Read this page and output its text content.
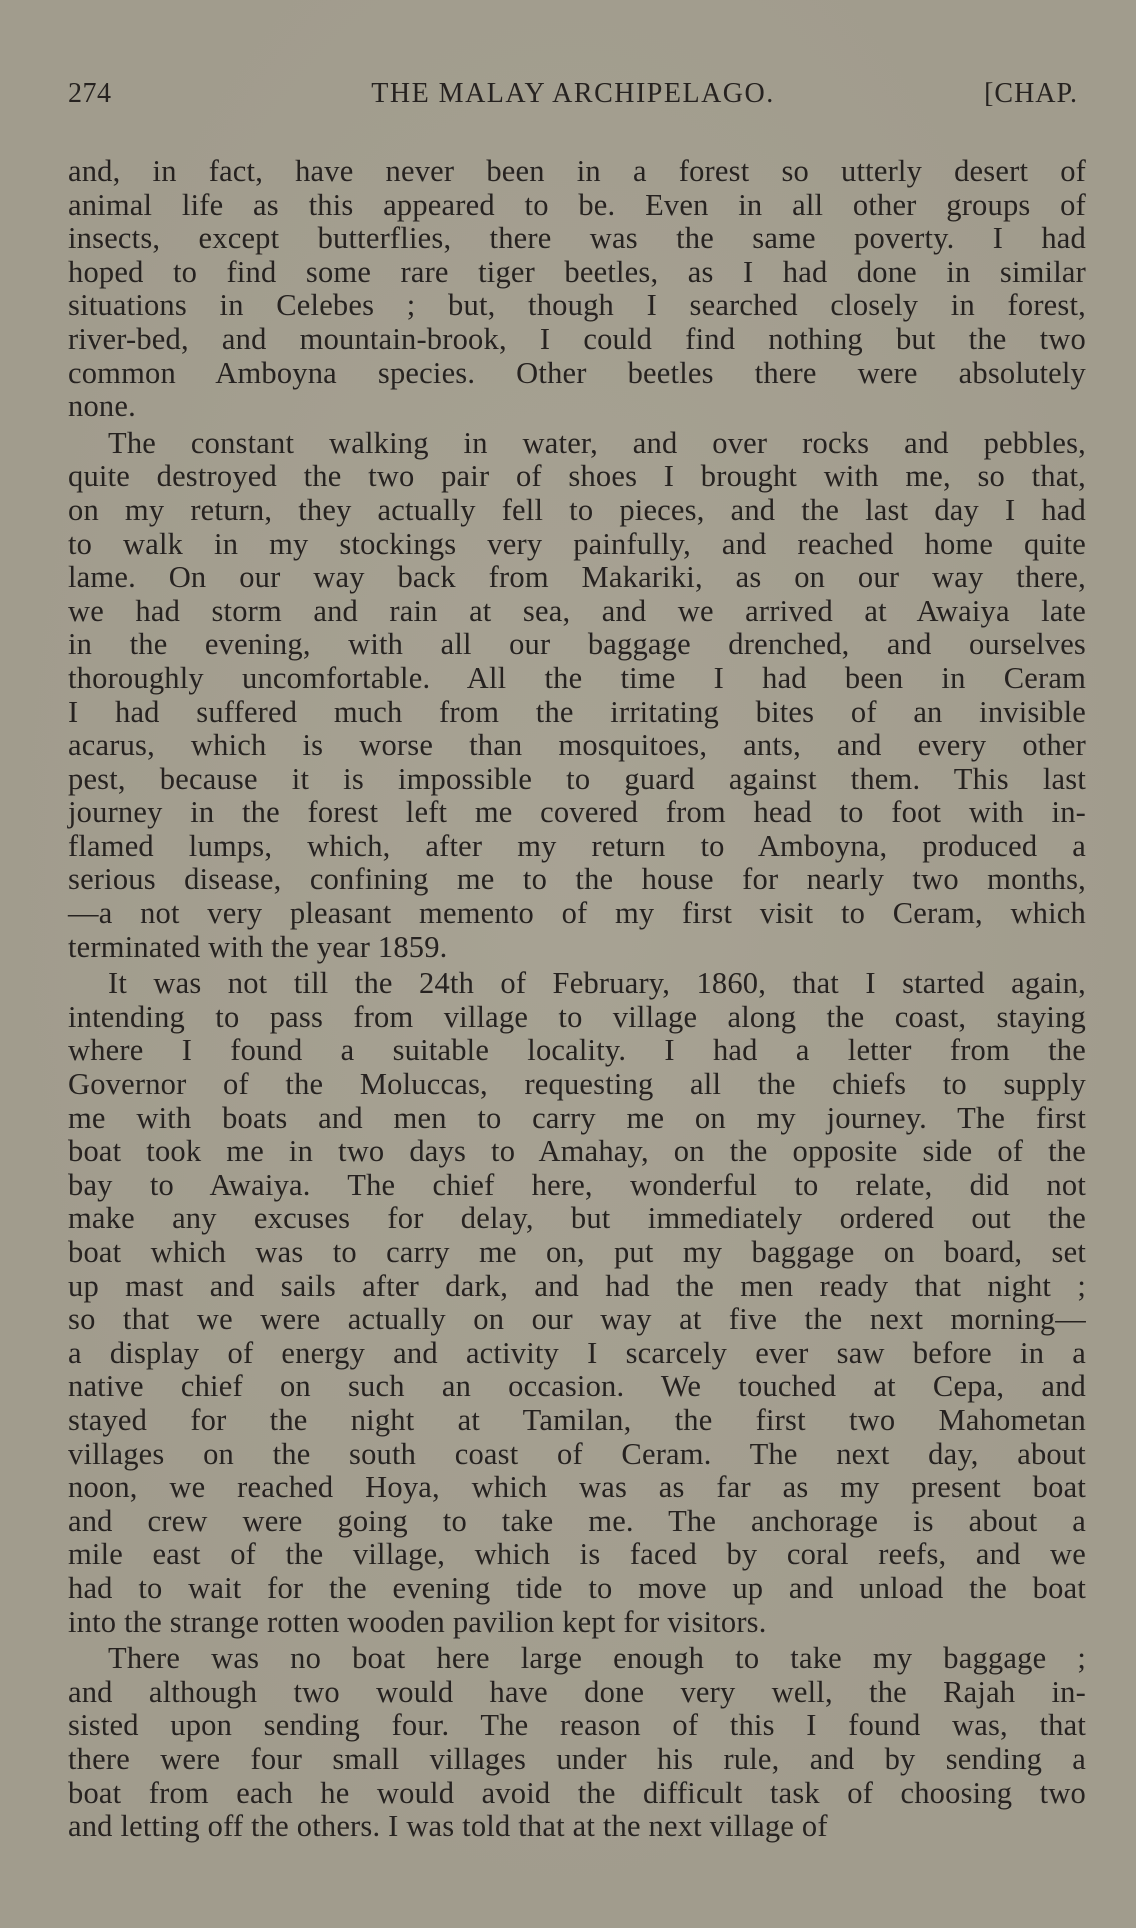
274	THE MALAY ARCHIPELAGO.	[CHAP.
and, in fact, have never been in a forest so utterly desert of
animal life as this appeared to be. Even in all other groups of
insects, except butterflies, there was the same poverty. I had
hoped to find some rare tiger beetles, as I had done in similar
situations in Celebes ; but, though I searched closely in forest,
river-bed, and mountain-brook, I could find nothing but the two
common Amboyna species. Other beetles there were absolutely
none.
The constant walking in water, and over rocks and pebbles,
quite destroyed the two pair of shoes I brought with me, so that,
on my return, they actually fell to pieces, and the last day I had
to walk in my stockings very painfully, and reached home quite
lame. On our way back from Makariki, as on our way there,
we had storm and rain at sea, and we arrived at Awaiya late
in the evening, with all our baggage drenched, and ourselves
thoroughly uncomfortable. All the time I had been in Ceram
I had suffered much from the irritating bites of an invisible
acarus, which is worse than mosquitoes, ants, and every other
pest, because it is impossible to guard against them. This last
journey in the forest left me covered from head to foot with in-
flamed lumps, which, after my return to Amboyna, produced a
serious disease, confining me to the house for nearly two months,
—a not very pleasant memento of my first visit to Ceram, which
terminated with the year 1859.
It was not till the 24th of February, 1860, that I started again,
intending to pass from village to village along the coast, staying
where I found a suitable locality. I had a letter from the
Governor of the Moluccas, requesting all the chiefs to supply
me with boats and men to carry me on my journey. The first
boat took me in two days to Amahay, on the opposite side of the
bay to Awaiya. The chief here, wonderful to relate, did not
make any excuses for delay, but immediately ordered out the
boat which was to carry me on, put my baggage on board, set
up mast and sails after dark, and had the men ready that night ;
so that we were actually on our way at five the next morning—
a display of energy and activity I scarcely ever saw before in a
native chief on such an occasion. We touched at Cepa, and
stayed for the night at Tamilan, the first two Mahometan
villages on the south coast of Ceram. The next day, about
noon, we reached Hoya, which was as far as my present boat
and crew were going to take me. The anchorage is about a
mile east of the village, which is faced by coral reefs, and we
had to wait for the evening tide to move up and unload the boat
into the strange rotten wooden pavilion kept for visitors.
There was no boat here large enough to take my baggage ;
and although two would have done very well, the Rajah in-
sisted upon sending four. The reason of this I found was, that
there were four small villages under his rule, and by sending a
boat from each he would avoid the difficult task of choosing two
and letting off the others. I was told that at the next village of
